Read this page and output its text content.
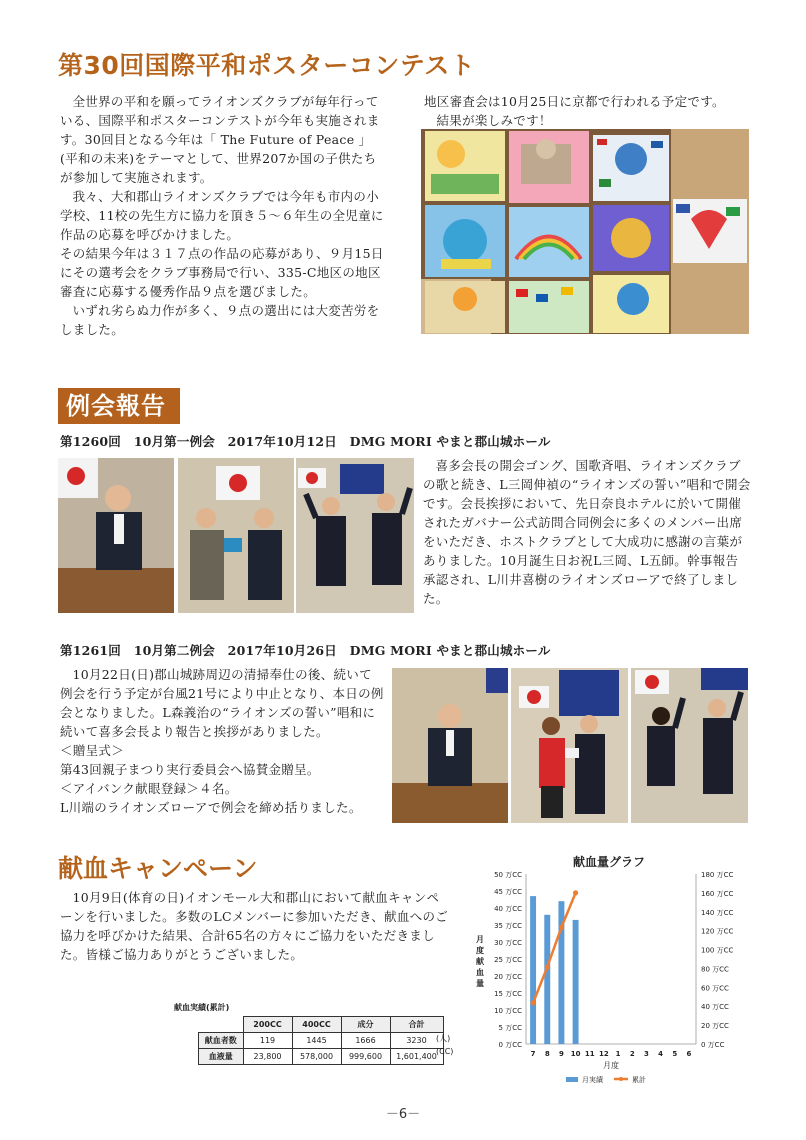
第30回国際平和ポスターコンテスト

全世界の平和を願ってライオンズクラブが毎年行っている、国際平和ポスターコンテストが今年も実施されます。30回目となる今年は「 The Future of Peace 」(平和の未来)をテーマとして、世界207か国の子供たちが参加して実施されます。

我々、大和郡山ライオンズクラブでは今年も市内の小学校、11校の先生方に協力を頂き５～６年生の全児童に作品の応募を呼びかけました。

その結果今年は３１７点の作品の応募があり、９月15日にその選考会をクラブ事務局で行い、335-C地区の地区審査に応募する優秀作品９点を選びました。

いずれ劣らぬ力作が多く、９点の選出には大変苦労をしました。

地区審査会は10月25日に京都で行われる予定です。

結果が楽しみです！

例会報告
第1260回　10月第一例会　2017年10月12日　DMG MORI やまと郡山城ホール
喜多会長の開会ゴング、国歌斉唱、ライオンズクラブの歌と続き、L三岡伸禎の“ライオンズの誓い”唱和で開会です。会長挨拶において、先日奈良ホテルに於いて開催されたガバナー公式訪問合同例会に多くのメンバー出席をいただき、ホストクラブとして大成功に感謝の言葉がありました。10月誕生日お祝L三岡、L五師。幹事報告承認され、L川井喜樹のライオンズローアで終了しました。
第1261回　10月第二例会　2017年10月26日　DMG MORI やまと郡山城ホール

10月22日(日)郡山城跡周辺の清掃奉仕の後、続いて例会を行う予定が台風21号により中止となり、本日の例会となりました。L森義治の“ライオンズの誓い”唱和に続いて喜多会長より報告と挨拶がありました。

＜贈呈式＞

第43回親子まつり実行委員会へ協賛金贈呈。

＜アイバンク献眼登録＞４名。

L川端のライオンズローアで例会を締め括りました。

献血キャンペーン
10月9日(体育の日)イオンモール大和郡山において献血キャンペーンを行いました。多数のLCメンバーに参加いただき、献血へのご協力を呼びかけた結果、合計65名の方々にご協力をいただきました。皆様ご協力ありがとうございました。
献血実績(累計)
	200CC	400CC	成分	合計
献血者数	119	1445	1666	3230
血液量	23,800	578,000	999,600	1,601,400
(人)
(CC)
献血量グラフ
0 万CC
5 万CC
10 万CC
15 万CC
20 万CC
25 万CC
30 万CC
35 万CC
40 万CC
45 万CC
50 万CC
0 万CC
20 万CC
40 万CC
60 万CC
80 万CC
100 万CC
120 万CC
140 万CC
160 万CC
180 万CC
月
度
献
血
量
7 8 9 10 11 12 1 2 3 4 5 6
月度
月実績	累計
－6－
